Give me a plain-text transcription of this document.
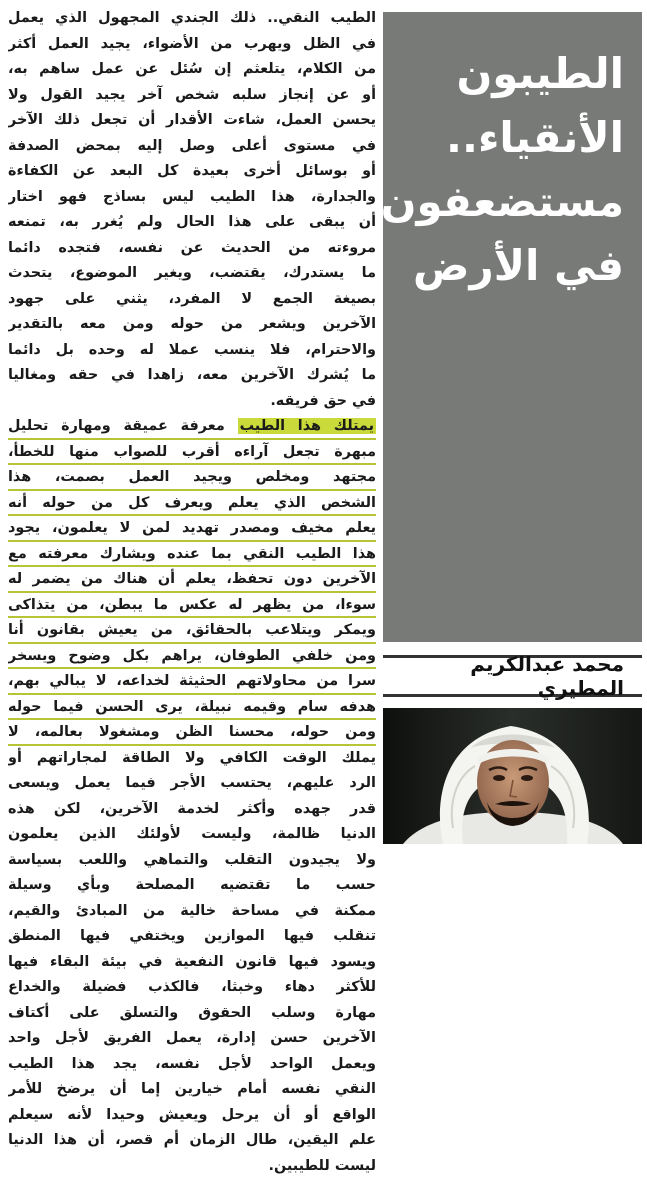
الطيب النقي.. ذلك الجندي المجهول الذي يعمل
في الظل ويهرب من الأضواء، يجيد العمل أكثر
من الكلام، يتلعثم إن سُئل عن عمل ساهم به،
أو عن إنجاز سلبه شخص آخر يجيد القول ولا
يحسن العمل، شاءت الأقدار أن تجعل ذلك الآخر
في مستوى أعلى وصل إليه بمحض الصدفة
أو بوسائل أخرى بعيدة كل البعد عن الكفاءة
والجدارة، هذا الطيب ليس بساذج فهو اختار
أن يبقى على هذا الحال ولم يُغرر به، تمنعه
مروءته من الحديث عن نفسه، فتجده دائما
ما يستدرك، يقتضب، ويغير الموضوع، يتحدث
بصيغة الجمع لا المفرد، يثني على جهود
الآخرين ويشعر من حوله ومن معه بالتقدير
والاحترام، فلا ينسب عملا له وحده بل دائما
ما يُشرك الآخرين معه، زاهدا في حقه ومغاليا
في حق فريقه.
يمتلك هذا الطيب معرفة عميقة ومهارة تحليل
مبهرة تجعل آراءه أقرب للصواب منها للخطأ،
مجتهد ومخلص ويجيد العمل بصمت، هذا
الشخص الذي يعلم ويعرف كل من حوله أنه
يعلم مخيف ومصدر تهديد لمن لا يعلمون، يجود
هذا الطيب النقي بما عنده ويشارك معرفته مع
الآخرين دون تحفظ، يعلم أن هناك من يضمر له
سوءا، من يظهر له عكس ما يبطن، من يتذاكى
ويمكر ويتلاعب بالحقائق، من يعيش بقانون أنا
ومن خلفي الطوفان، يراهم بكل وضوح ويسخر
سرا من محاولاتهم الحثيثة لخداعه، لا يبالي بهم،
هدفه سام وقيمه نبيلة، يرى الحسن فيما حوله
ومن حوله، محسنا الظن ومشغولا بعالمه، لا
يملك الوقت الكافي ولا الطاقة لمجاراتهم أو
الرد عليهم، يحتسب الأجر فيما يعمل ويسعى
قدر جهده وأكثر لخدمة الآخرين، لكن هذه
الدنيا ظالمة، وليست لأولئك الذين يعلمون
ولا يجيدون التقلب والتماهي واللعب بسياسة
حسب ما تقتضيه المصلحة وبأي وسيلة
ممكنة في مساحة خالية من المبادئ والقيم،
تنقلب فيها الموازين ويختفي فيها المنطق
ويسود فيها قانون النفعية في بيئة البقاء فيها
للأكثر دهاء وخبثا، فالكذب فضيلة والخداع
مهارة وسلب الحقوق والتسلق على أكتاف
الآخرين حسن إدارة، يعمل الفريق لأجل واحد
ويعمل الواحد لأجل نفسه، يجد هذا الطيب
النقي نفسه أمام خيارين إما أن يرضخ للأمر
الواقع أو أن يرحل ويعيش وحيدا لأنه سيعلم
علم اليقين، طال الزمان أم قصر، أن هذا الدنيا
ليست للطيبين.
الطيبون
الأنقياء..
مستضعفون
في الأرض
محمد عبدالكريم المطيري
